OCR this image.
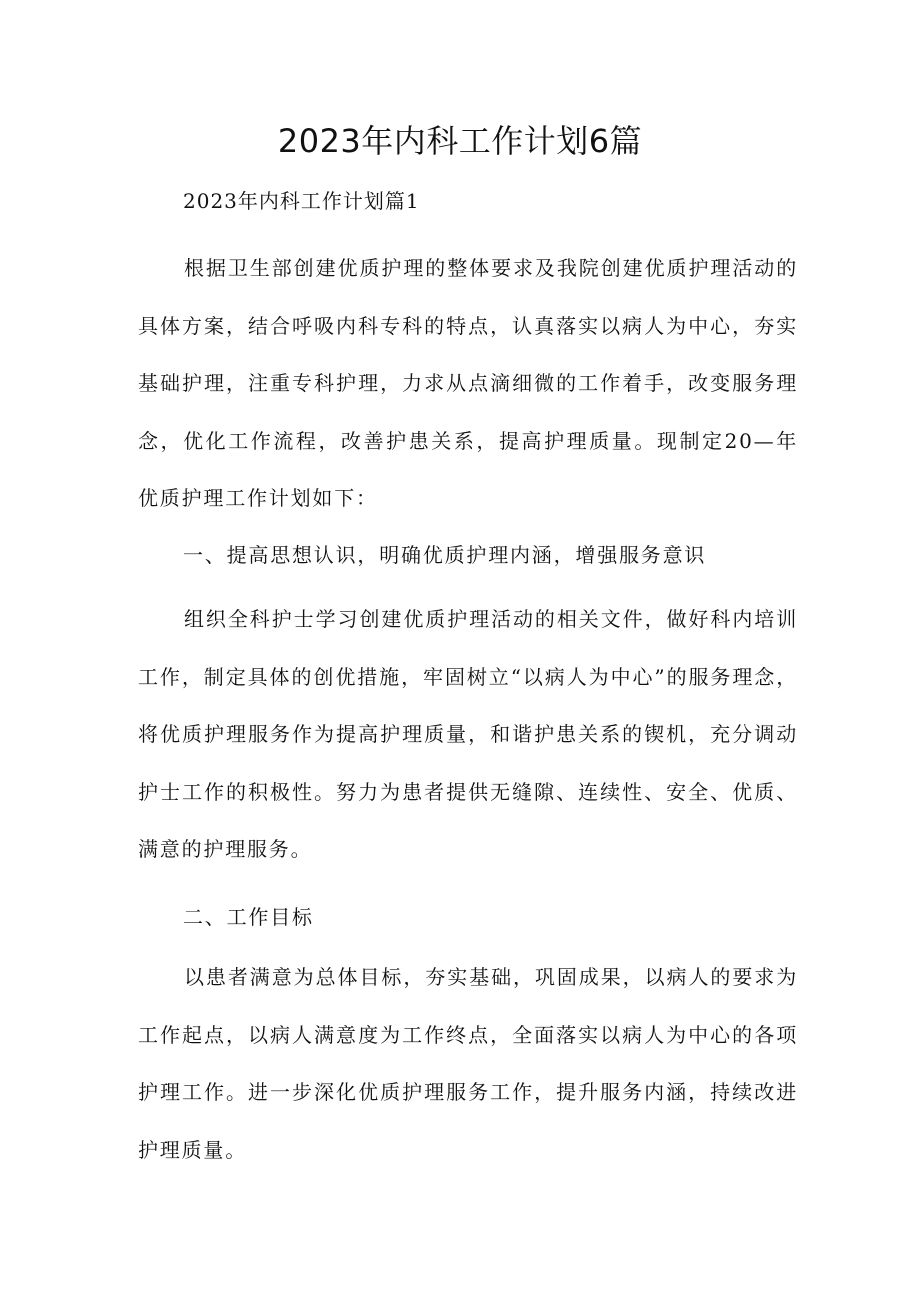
2023年内科工作计划6篇

2023年内科工作计划篇1

根据卫生部创建优质护理的整体要求及我院创建优质护理活动的具体方案，结合呼吸内科专科的特点，认真落实以病人为中心，夯实基础护理，注重专科护理，力求从点滴细微的工作着手，改变服务理念，优化工作流程，改善护患关系，提高护理质量。现制定20—年优质护理工作计划如下：

一、提高思想认识，明确优质护理内涵，增强服务意识

组织全科护士学习创建优质护理活动的相关文件，做好科内培训工作，制定具体的创优措施，牢固树立“以病人为中心”的服务理念，将优质护理服务作为提高护理质量，和谐护患关系的锲机，充分调动护士工作的积极性。努力为患者提供无缝隙、连续性、安全、优质、满意的护理服务。

二、工作目标

以患者满意为总体目标，夯实基础，巩固成果，以病人的要求为工作起点，以病人满意度为工作终点，全面落实以病人为中心的各项护理工作。进一步深化优质护理服务工作，提升服务内涵，持续改进护理质量。
